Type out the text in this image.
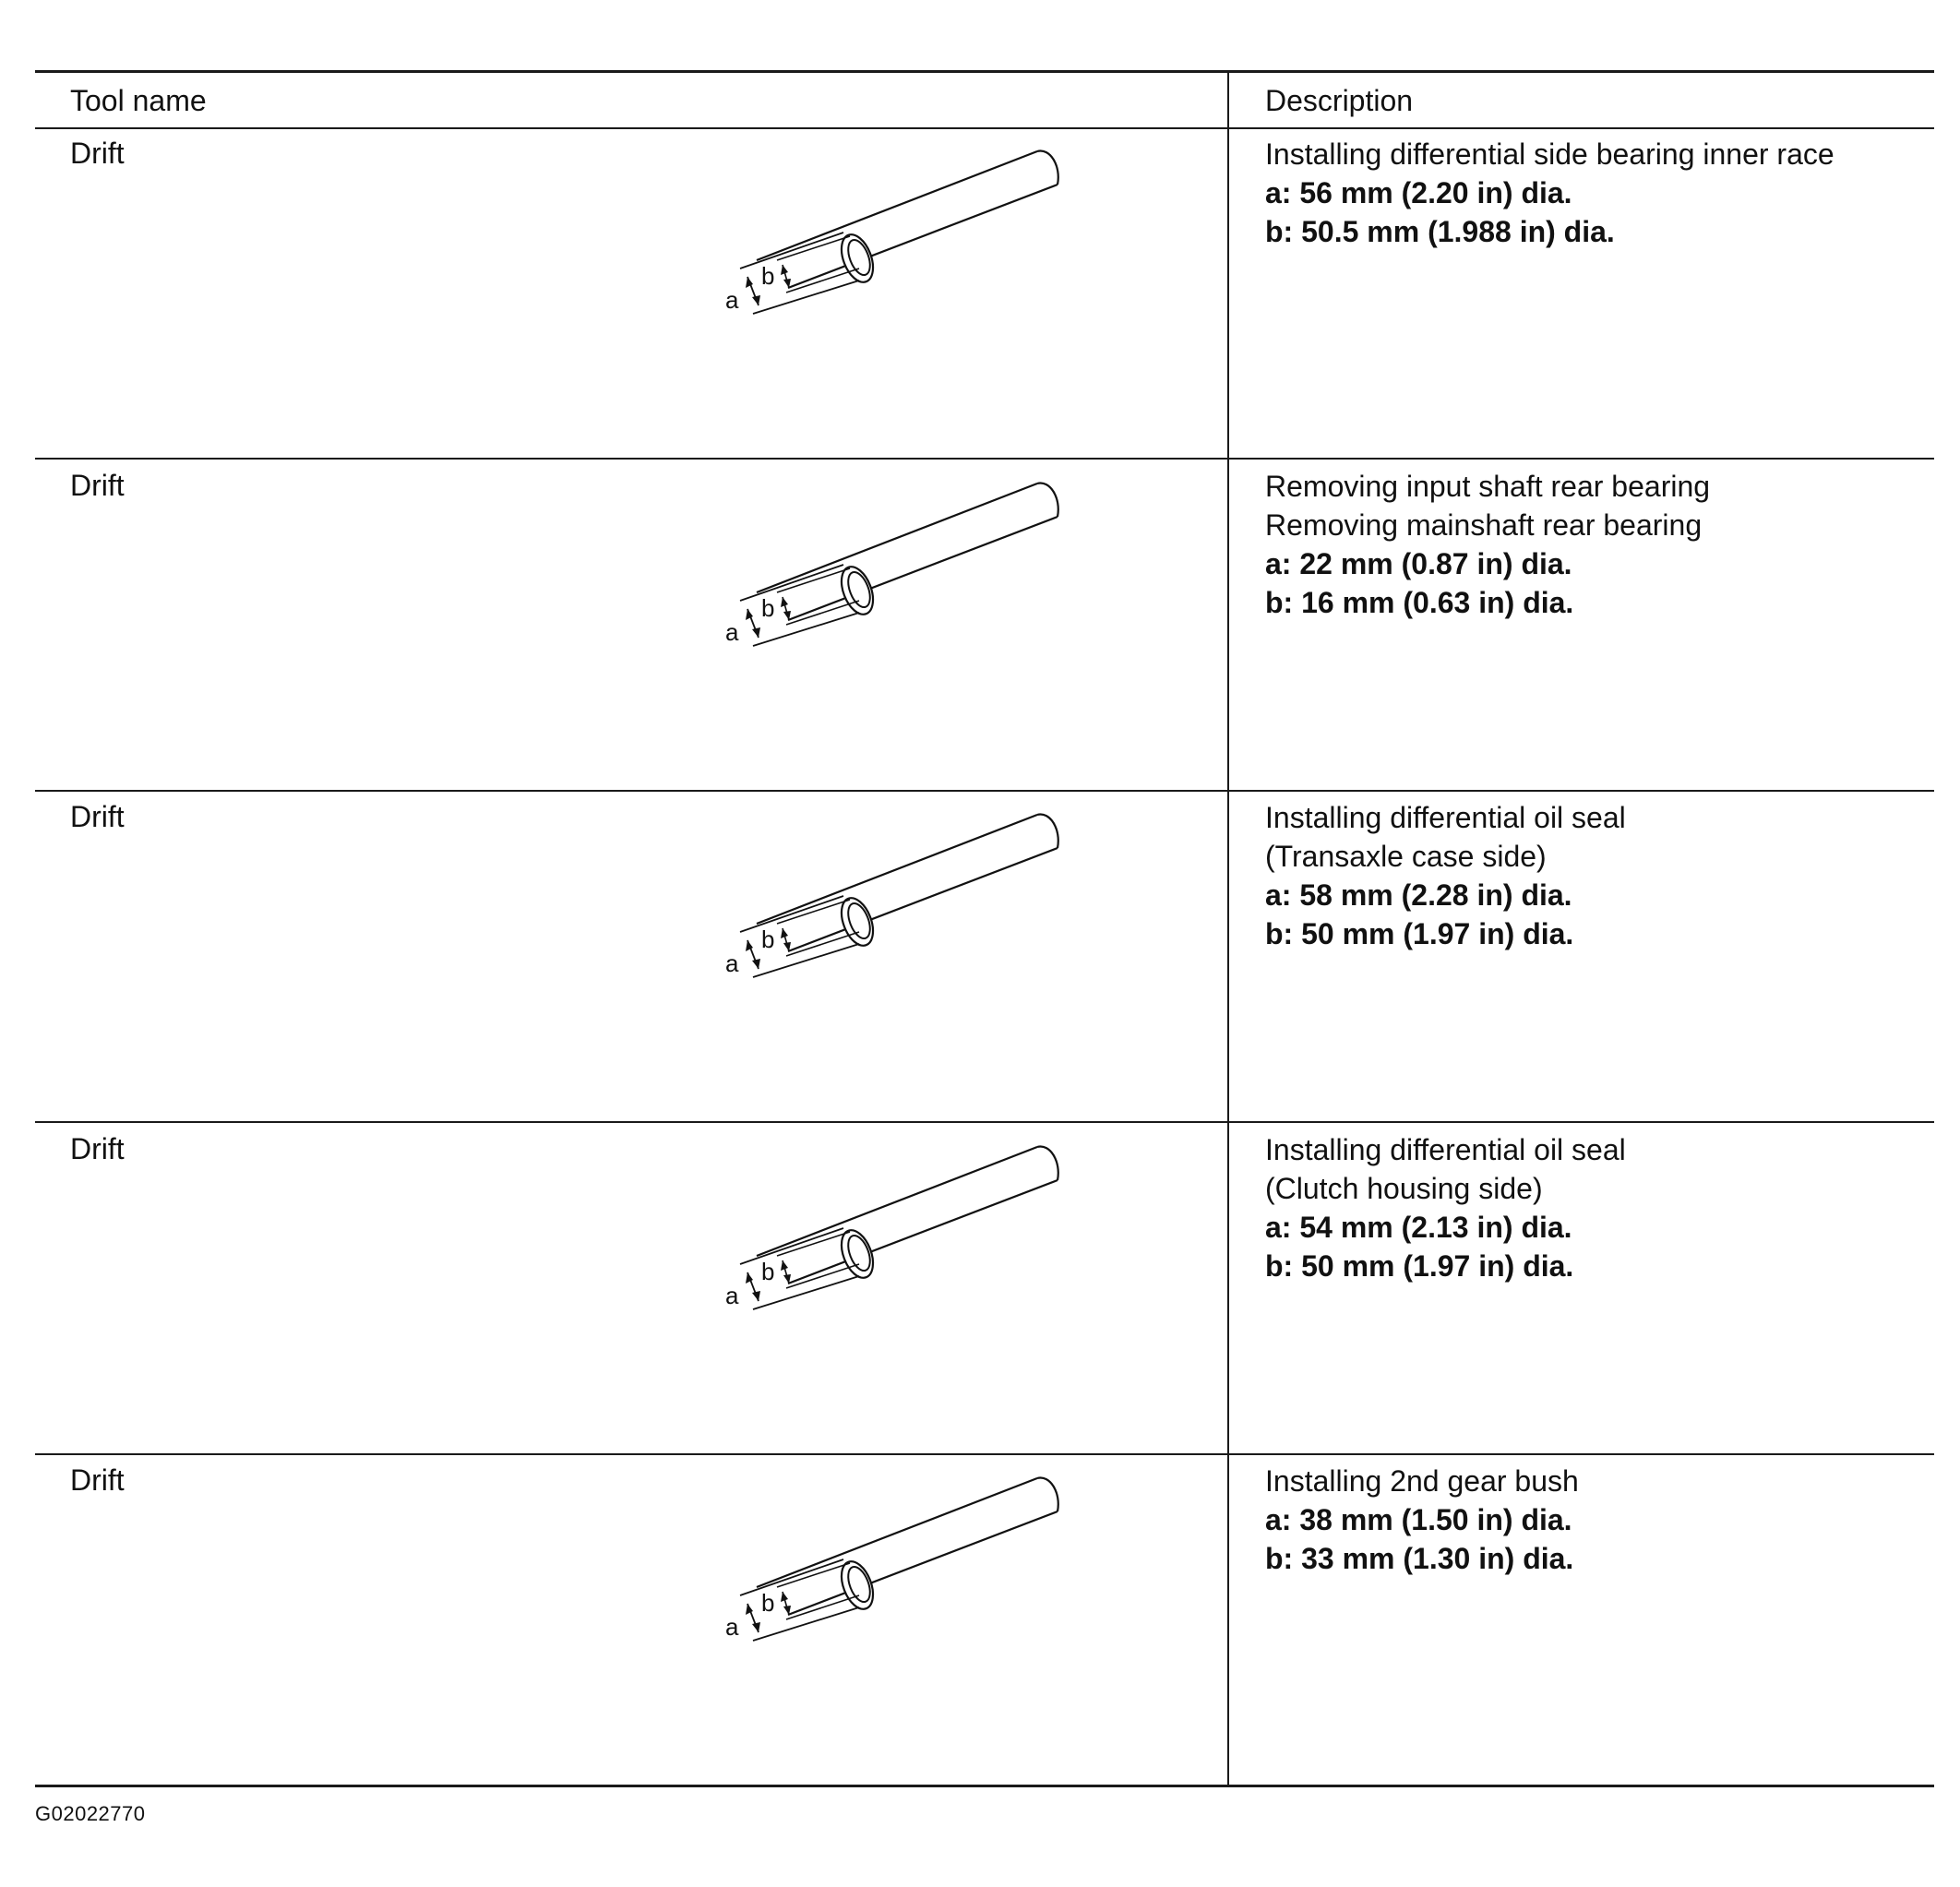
Tool name	Description
Drift
a
b
Installing differential side bearing inner race
a: 56 mm (2.20 in) dia.
b: 50.5 mm (1.988 in) dia.
Drift
a
b
Removing input shaft rear bearing
Removing mainshaft rear bearing
a: 22 mm (0.87 in) dia.
b: 16 mm (0.63 in) dia.
Drift
a
b
Installing differential oil seal
(Transaxle case side)
a: 58 mm (2.28 in) dia.
b: 50 mm (1.97 in) dia.
Drift
a
b
Installing differential oil seal
(Clutch housing side)
a: 54 mm (2.13 in) dia.
b: 50 mm (1.97 in) dia.
Drift
a
b
Installing 2nd gear bush
a: 38 mm (1.50 in) dia.
b: 33 mm (1.30 in) dia.
G02022770
